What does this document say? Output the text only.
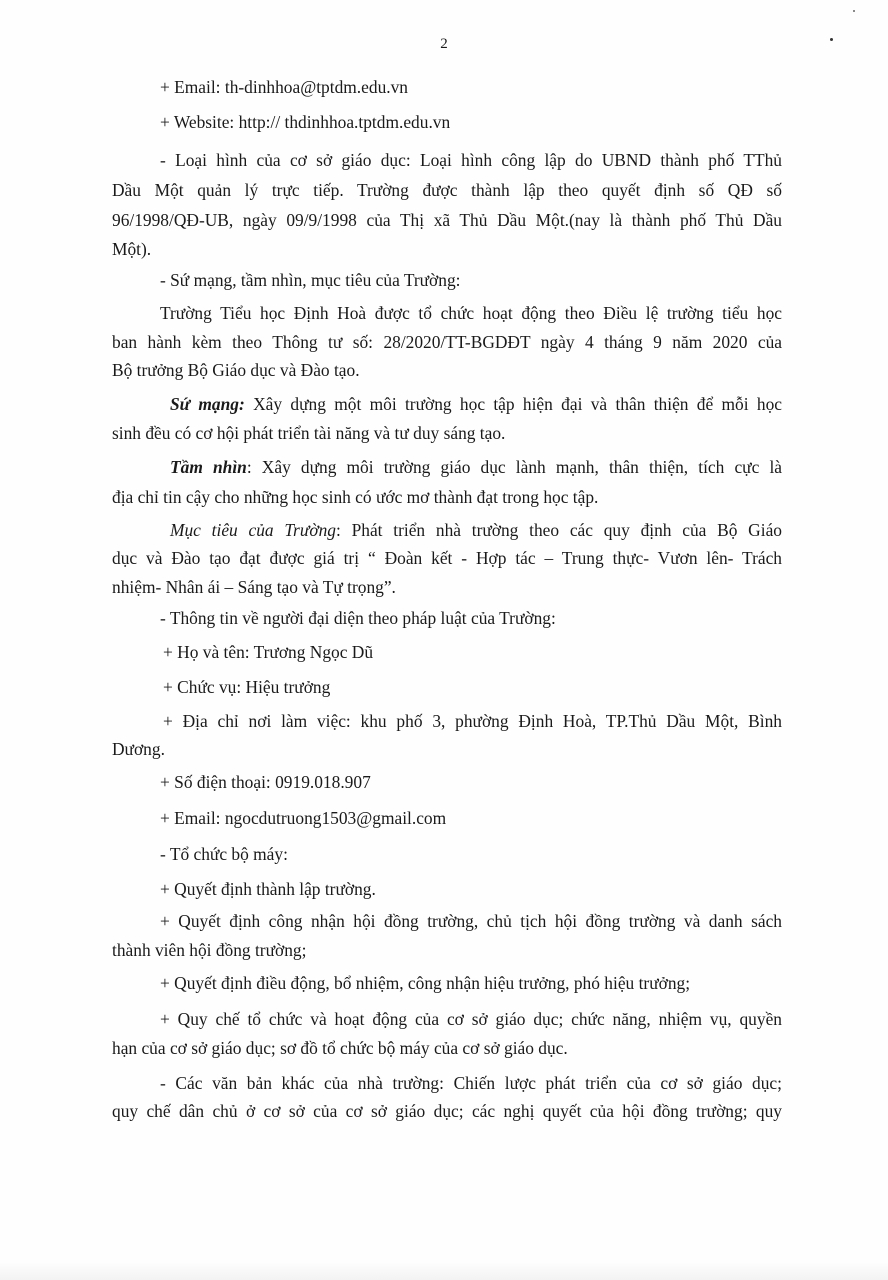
2
+ Email: th-dinhhoa@tptdm.edu.vn
+ Website: http:// thdinhhoa.tptdm.edu.vn
- Loại hình của cơ sở giáo dục: Loại hình công lập do UBND thành phố TThủ
Dầu Một quản lý trực tiếp. Trường được thành lập theo quyết định số QĐ số
96/1998/QĐ-UB, ngày 09/9/1998 của Thị xã Thủ Dầu Một.(nay là thành phố Thủ Dầu
Một).
- Sứ mạng, tầm nhìn, mục tiêu của Trường:
Trường Tiểu học Định Hoà được tổ chức hoạt động theo Điều lệ trường tiểu học
ban hành kèm theo Thông tư số: 28/2020/TT-BGDĐT ngày 4 tháng 9 năm 2020 của
Bộ trưởng Bộ Giáo dục và Đào tạo.
Sứ mạng: Xây dựng một môi trường học tập hiện đại và thân thiện để mỗi học
sinh đều có cơ hội phát triển tài năng và tư duy sáng tạo.
Tầm nhìn: Xây dựng môi trường giáo dục lành mạnh, thân thiện, tích cực là
địa chỉ tin cậy cho những học sinh có ước mơ thành đạt trong học tập.
Mục tiêu của Trường: Phát triển nhà trường theo các quy định của Bộ Giáo
dục và Đào tạo đạt được giá trị “ Đoàn kết - Hợp tác – Trung thực- Vươn lên- Trách
nhiệm- Nhân ái – Sáng tạo và Tự trọng”.
- Thông tin về người đại diện theo pháp luật của Trường:
+ Họ và tên: Trương Ngọc Dũ
+ Chức vụ: Hiệu trưởng
+ Địa chỉ nơi làm việc: khu phố 3, phường Định Hoà, TP.Thủ Dầu Một, Bình
Dương.
+ Số điện thoại: 0919.018.907
+ Email: ngocdutruong1503@gmail.com
- Tổ chức bộ máy:
+ Quyết định thành lập trường.
+ Quyết định công nhận hội đồng trường, chủ tịch hội đồng trường và danh sách
thành viên hội đồng trường;
+ Quyết định điều động, bổ nhiệm, công nhận hiệu trưởng, phó hiệu trưởng;
+ Quy chế tổ chức và hoạt động của cơ sở giáo dục; chức năng, nhiệm vụ, quyền
hạn của cơ sở giáo dục; sơ đồ tổ chức bộ máy của cơ sở giáo dục.
- Các văn bản khác của nhà trường: Chiến lược phát triển của cơ sở giáo dục;
quy chế dân chủ ở cơ sở của cơ sở giáo dục; các nghị quyết của hội đồng trường; quy
